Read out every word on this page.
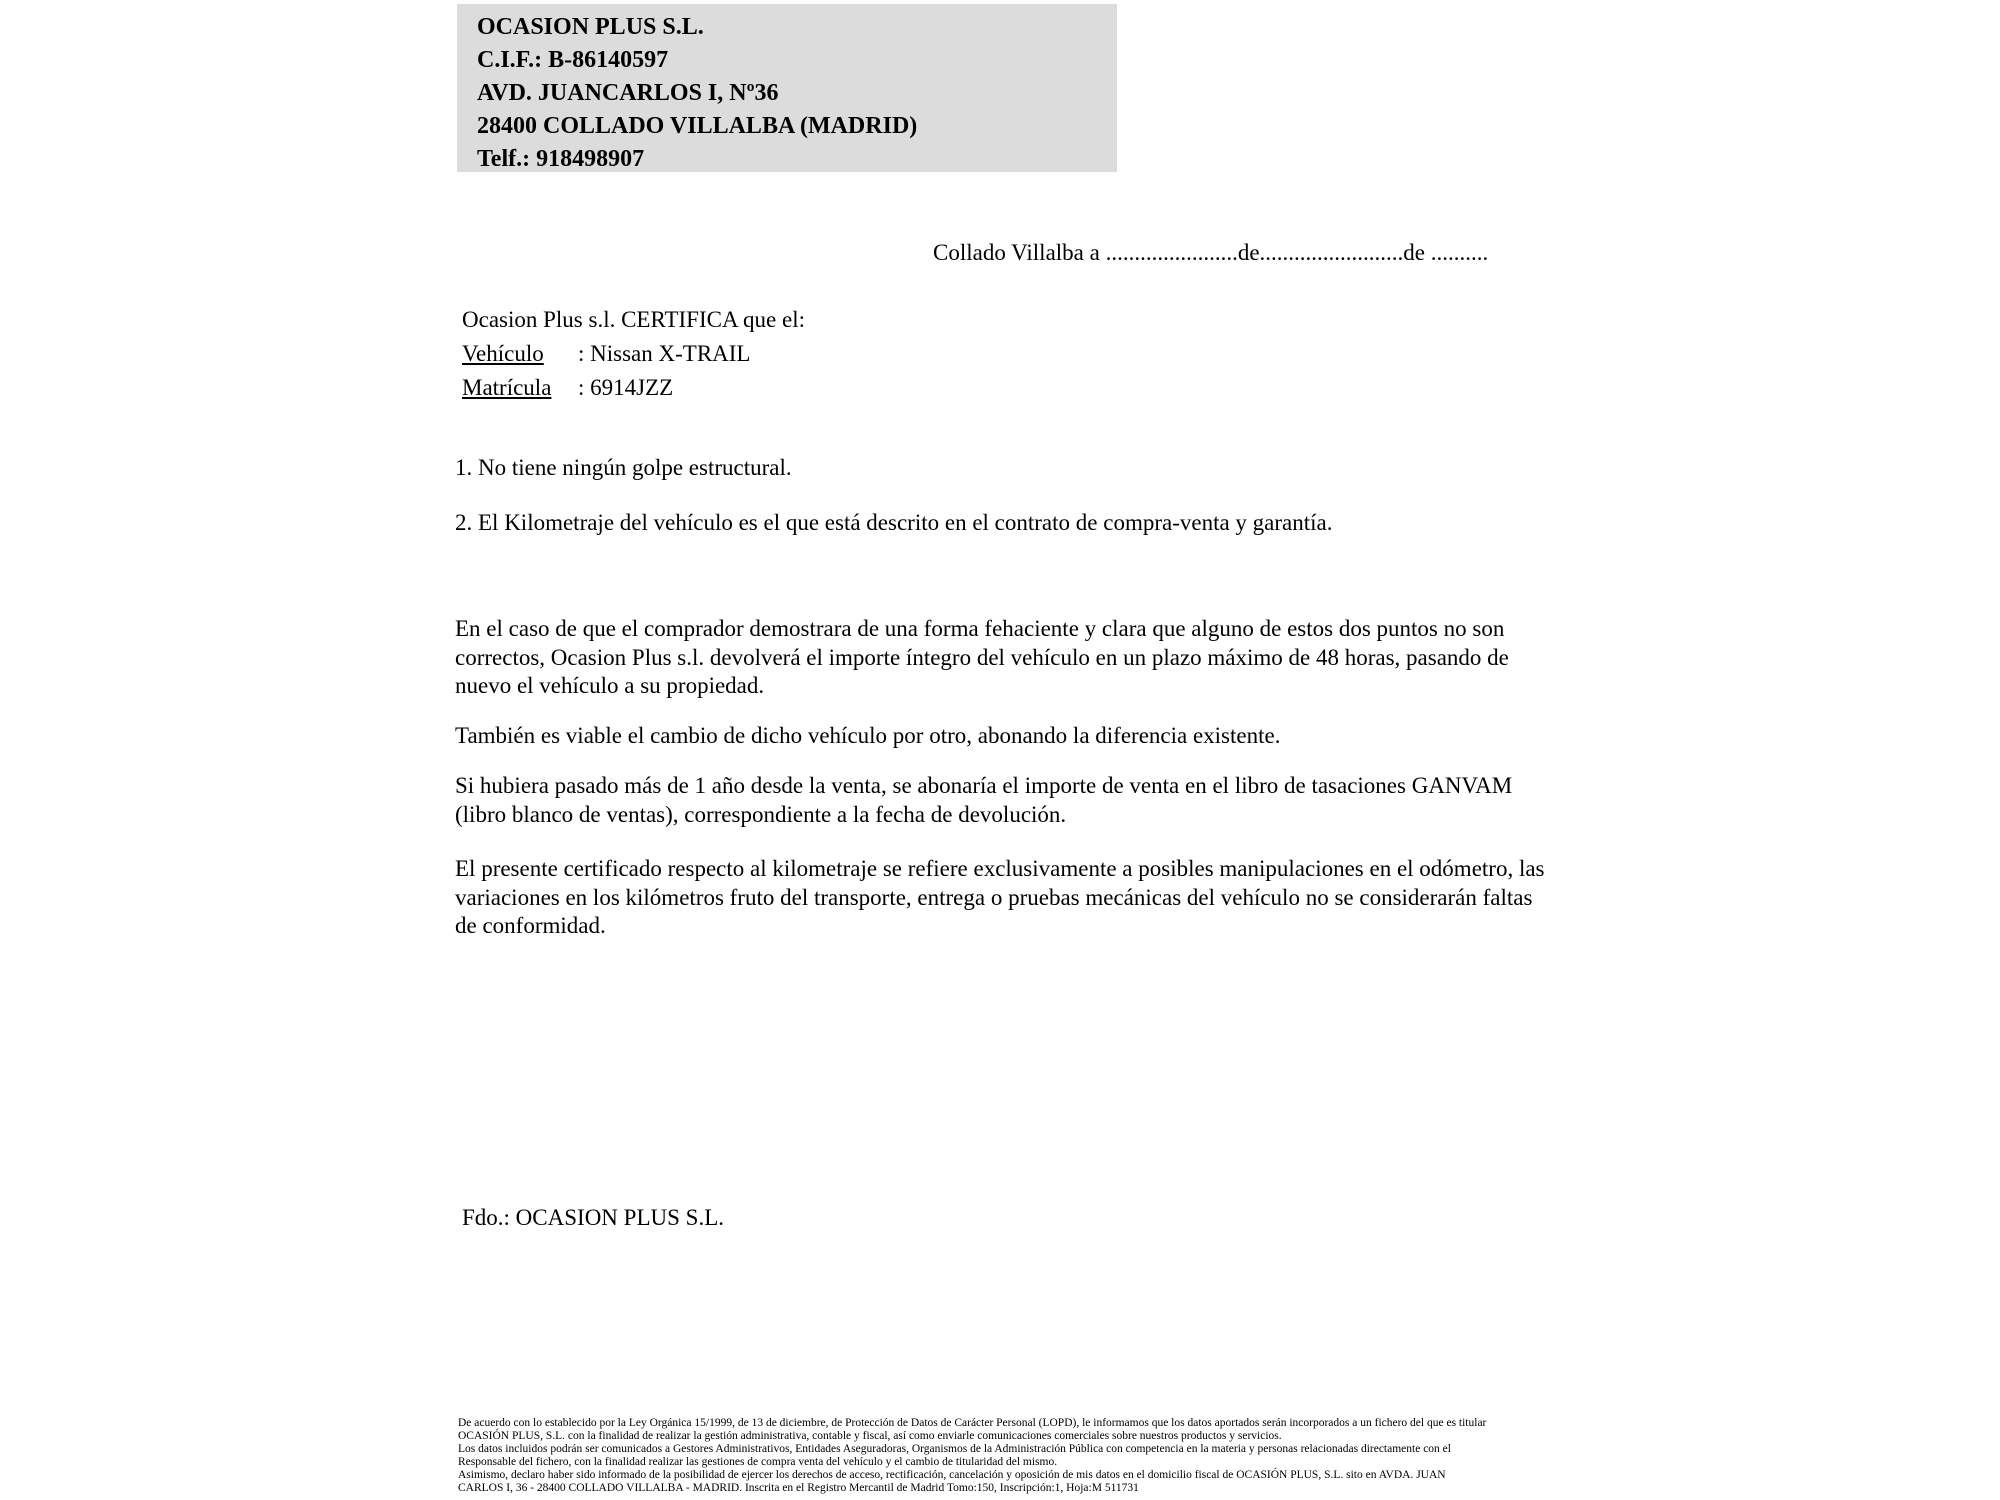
OCASION PLUS S.L.
C.I.F.: B-86140597
AVD. JUANCARLOS I, Nº36
28400 COLLADO VILLALBA (MADRID)
Telf.: 918498907
Collado Villalba a .......................de.........................de ..........
Ocasion Plus s.l. CERTIFICA que el:
Vehículo : Nissan X-TRAIL
Matrícula : 6914JZZ
1. No tiene ningún golpe estructural.
2. El Kilometraje del vehículo es el que está descrito en el contrato de compra-venta y garantía.
En el caso de que el comprador demostrara de una forma fehaciente y clara que alguno de estos dos puntos no son correctos, Ocasion Plus s.l. devolverá el importe íntegro del vehículo en un plazo máximo de 48 horas, pasando de nuevo el vehículo a su propiedad.
También es viable el cambio de dicho vehículo por otro, abonando la diferencia existente.
Si hubiera pasado más de 1 año desde la venta, se abonaría el importe de venta en el libro de tasaciones GANVAM (libro blanco de ventas), correspondiente a la fecha de devolución.
El presente certificado respecto al kilometraje se refiere exclusivamente a posibles manipulaciones en el odómetro, las variaciones en los kilómetros fruto del transporte, entrega o pruebas mecánicas del vehículo no se considerarán faltas de conformidad.
Fdo.: OCASION PLUS S.L.
De acuerdo con lo establecido por la Ley Orgánica 15/1999, de 13 de diciembre, de Protección de Datos de Carácter Personal (LOPD), le informamos que los datos aportados serán incorporados a un fichero del que es titular
OCASIÓN PLUS, S.L. con la finalidad de realizar la gestión administrativa, contable y fiscal, así como enviarle comunicaciones comerciales sobre nuestros productos y servicios.
Los datos incluidos podrán ser comunicados a Gestores Administrativos, Entidades Aseguradoras, Organismos de la Administración Pública con competencia en la materia y personas relacionadas directamente con el
Responsable del fichero, con la finalidad realizar las gestiones de compra venta del vehículo y el cambio de titularidad del mismo.
Asimismo, declaro haber sido informado de la posibilidad de ejercer los derechos de acceso, rectificación, cancelación y oposición de mis datos en el domicilio fiscal de OCASIÓN PLUS, S.L. sito en AVDA. JUAN
CARLOS I, 36 - 28400 COLLADO VILLALBA - MADRID. Inscrita en el Registro Mercantil de Madrid Tomo:150, Inscripción:1, Hoja:M 511731
